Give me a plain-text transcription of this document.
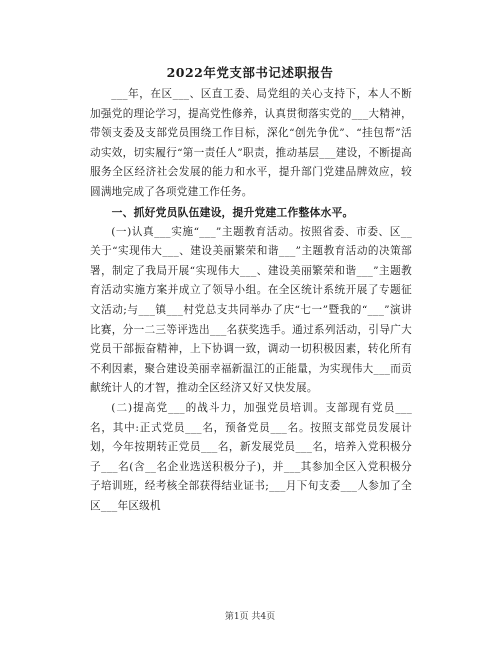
2022年党支部书记述职报告

___年，在区___、区直工委、局党组的关心支持下，本人不断加强党的理论学习，提高党性修养，认真贯彻落实党的___大精神，带领支委及支部党员围绕工作目标，深化“创先争优”、“挂包帮”活动实效，切实履行“第一责任人”职责，推动基层___建设，不断提高服务全区经济社会发展的能力和水平，提升部门党建品牌效应，较圆满地完成了各项党建工作任务。

一、抓好党员队伍建设，提升党建工作整体水平。

(一)认真___实施“___”主题教育活动。按照省委、市委、区__关于“实现伟大___、建设美丽繁荣和谐___”主题教育活动的决策部署，制定了我局开展“实现伟大___、建设美丽繁荣和谐___”主题教育活动实施方案并成立了领导小组。在全区统计系统开展了专题征文活动;与___镇___村党总支共同举办了庆“七一”暨我的“___”演讲比赛，分一二三等评选出___名获奖选手。通过系列活动，引导广大党员干部振奋精神，上下协调一致，调动一切积极因素，转化所有不利因素，聚合建设美丽幸福新温江的正能量，为实现伟大___而贡献统计人的才智，推动全区经济又好又快发展。

(二)提高党___的战斗力，加强党员培训。支部现有党员___名，其中:正式党员___名，预备党员___名。按照支部党员发展计划，今年按期转正党员___名，新发展党员___名，培养入党积极分子___名(含__名企业选送积极分子)，并___其参加全区入党积极分子培训班，经考核全部获得结业证书;___月下旬支委___人参加了全区___年区级机

第1页 共4页
